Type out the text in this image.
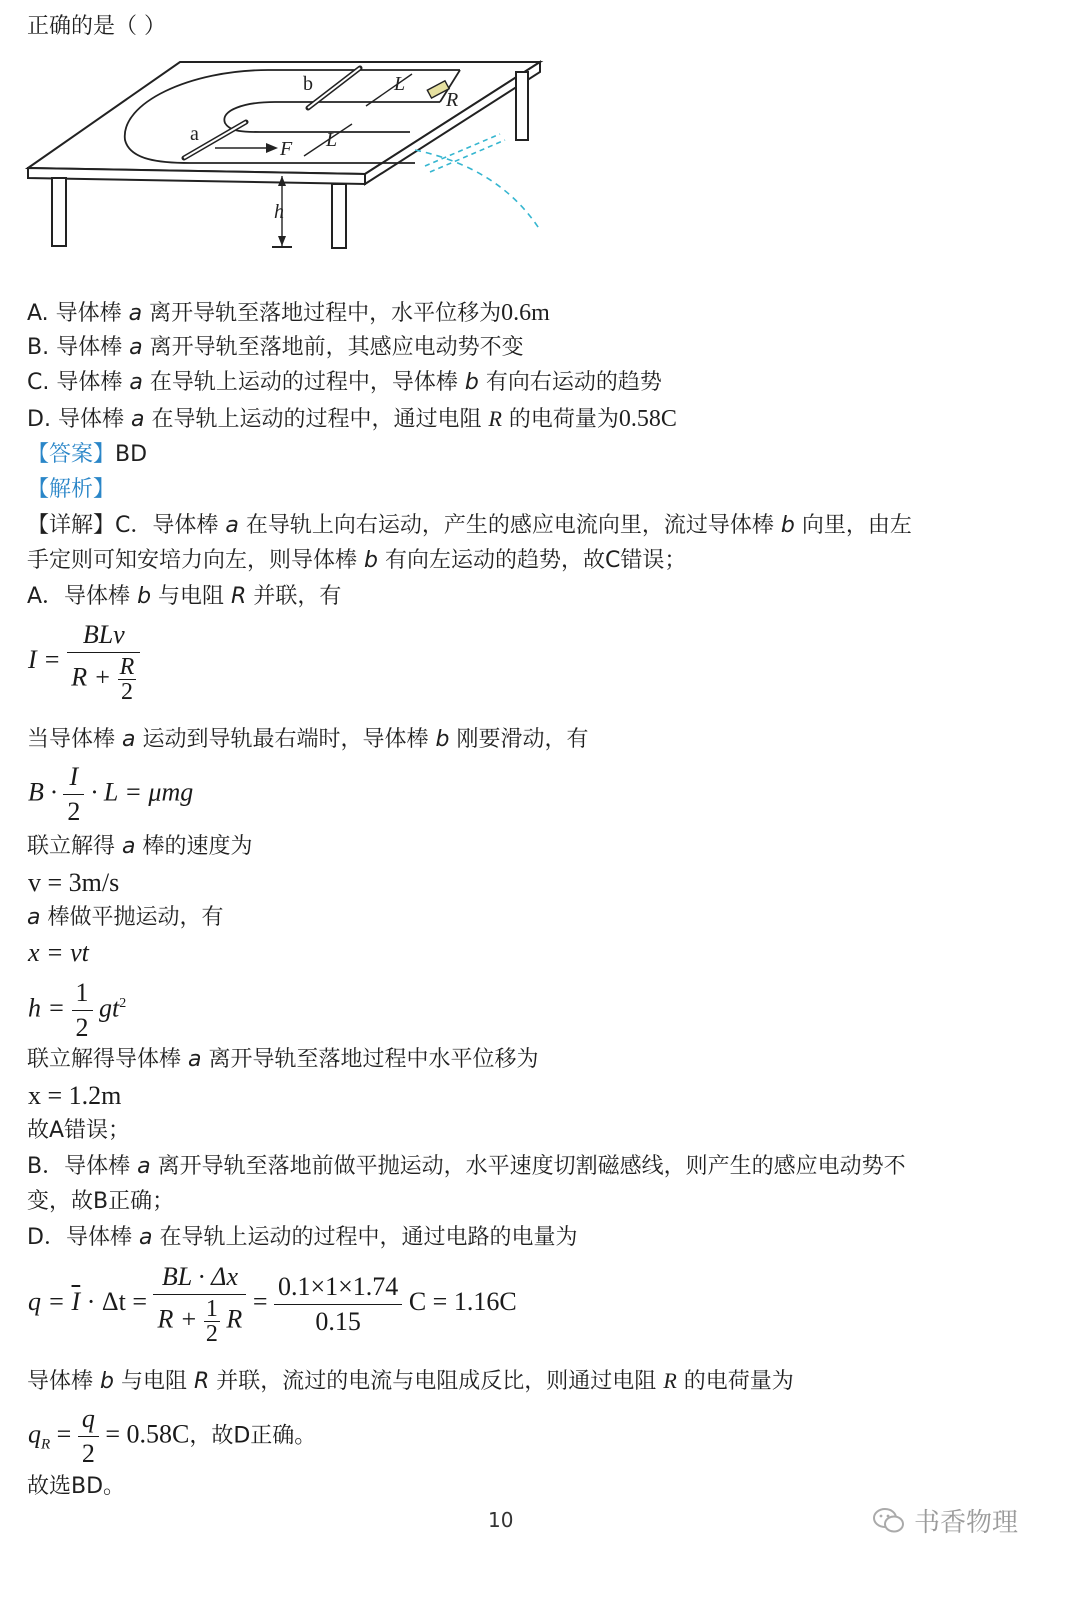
正确的是（ ）
b
a
L
L
R
F
h
A. 导体棒 a 离开导轨至落地过程中，水平位移为0.6m
B. 导体棒 a 离开导轨至落地前，其感应电动势不变
C. 导体棒 a 在导轨上运动的过程中，导体棒 b 有向右运动的趋势
D. 导体棒 a 在导轨上运动的过程中，通过电阻 R 的电荷量为0.58C
【答案】BD
【解析】
【详解】C．导体棒 a 在导轨上向右运动，产生的感应电流向里，流过导体棒 b 向里，由左
手定则可知安培力向左，则导体棒 b 有向左运动的趋势，故C错误；
A．导体棒 b 与电阻 R 并联，有
$I = \frac{\text{BLv}}{R + \frac{R}{2}}$
当导体棒 a 运动到导轨最右端时，导体棒 b 刚要滑动，有
$B \cdot \frac{I}{2} \cdot L = \mu mg$
联立解得 a 棒的速度为
v = 3m/s
a 棒做平抛运动，有
x = vt
$h = \frac{1}{2} gt^2$
联立解得导体棒 a 离开导轨至落地过程中水平位移为
x = 1.2m
故A错误；
B．导体棒 a 离开导轨至落地前做平抛运动，水平速度切割磁感线，则产生的感应电动势不
变，故B正确；
D．导体棒 a 在导轨上运动的过程中，通过电路的电量为
$q = \overline{I} \cdot \Delta t = \frac{BL \cdot \Delta x}{R + \frac{1}{2} R} = \frac{0.1\times 1\times 1.74}{0.15}$ C = 1.16C
导体棒 b 与电阻 R 并联，流过的电流与电阻成反比，则通过电阻 R 的电荷量为
$q_R = \frac{q}{2} = 0.58C$，故D正确。
故选BD。
10	书香物理
